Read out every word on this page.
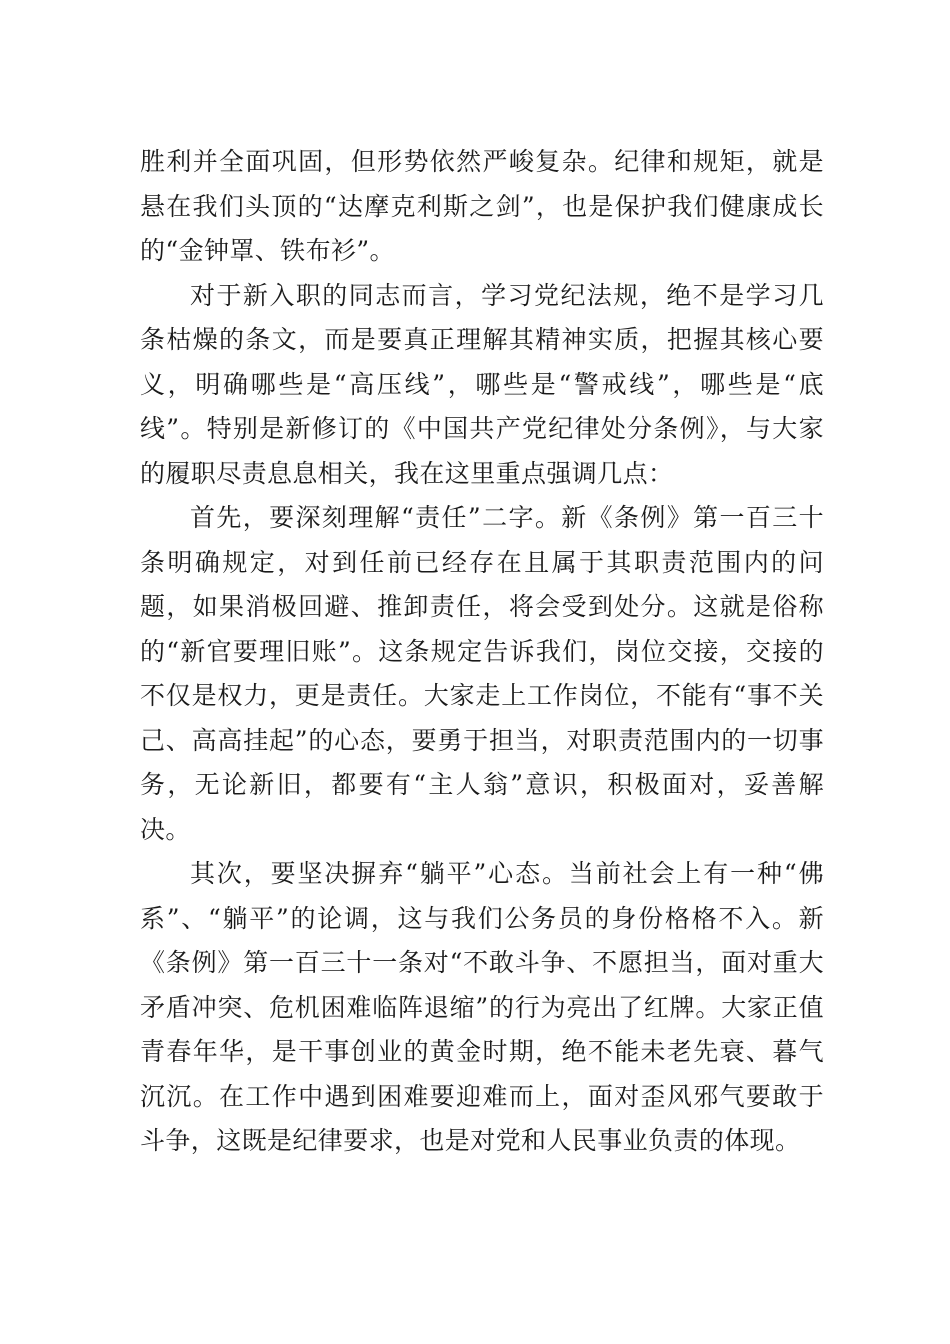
胜利并全面巩固，但形势依然严峻复杂。纪律和规矩，就是悬在我们头顶的“达摩克利斯之剑”，也是保护我们健康成长的“金钟罩、铁布衫”。

对于新入职的同志而言，学习党纪法规，绝不是学习几条枯燥的条文，而是要真正理解其精神实质，把握其核心要义，明确哪些是“高压线”，哪些是“警戒线”，哪些是“底线”。特别是新修订的《中国共产党纪律处分条例》，与大家的履职尽责息息相关，我在这里重点强调几点：

首先，要深刻理解“责任”二字。新《条例》第一百三十条明确规定，对到任前已经存在且属于其职责范围内的问题，如果消极回避、推卸责任，将会受到处分。这就是俗称的“新官要理旧账”。这条规定告诉我们，岗位交接，交接的不仅是权力，更是责任。大家走上工作岗位，不能有“事不关己、高高挂起”的心态，要勇于担当，对职责范围内的一切事务，无论新旧，都要有“主人翁”意识，积极面对，妥善解决。

其次，要坚决摒弃“躺平”心态。当前社会上有一种“佛系”、“躺平”的论调，这与我们公务员的身份格格不入。新《条例》第一百三十一条对“不敢斗争、不愿担当，面对重大矛盾冲突、危机困难临阵退缩”的行为亮出了红牌。大家正值青春年华，是干事创业的黄金时期，绝不能未老先衰、暮气沉沉。在工作中遇到困难要迎难而上，面对歪风邪气要敢于斗争，这既是纪律要求，也是对党和人民事业负责的体现。
